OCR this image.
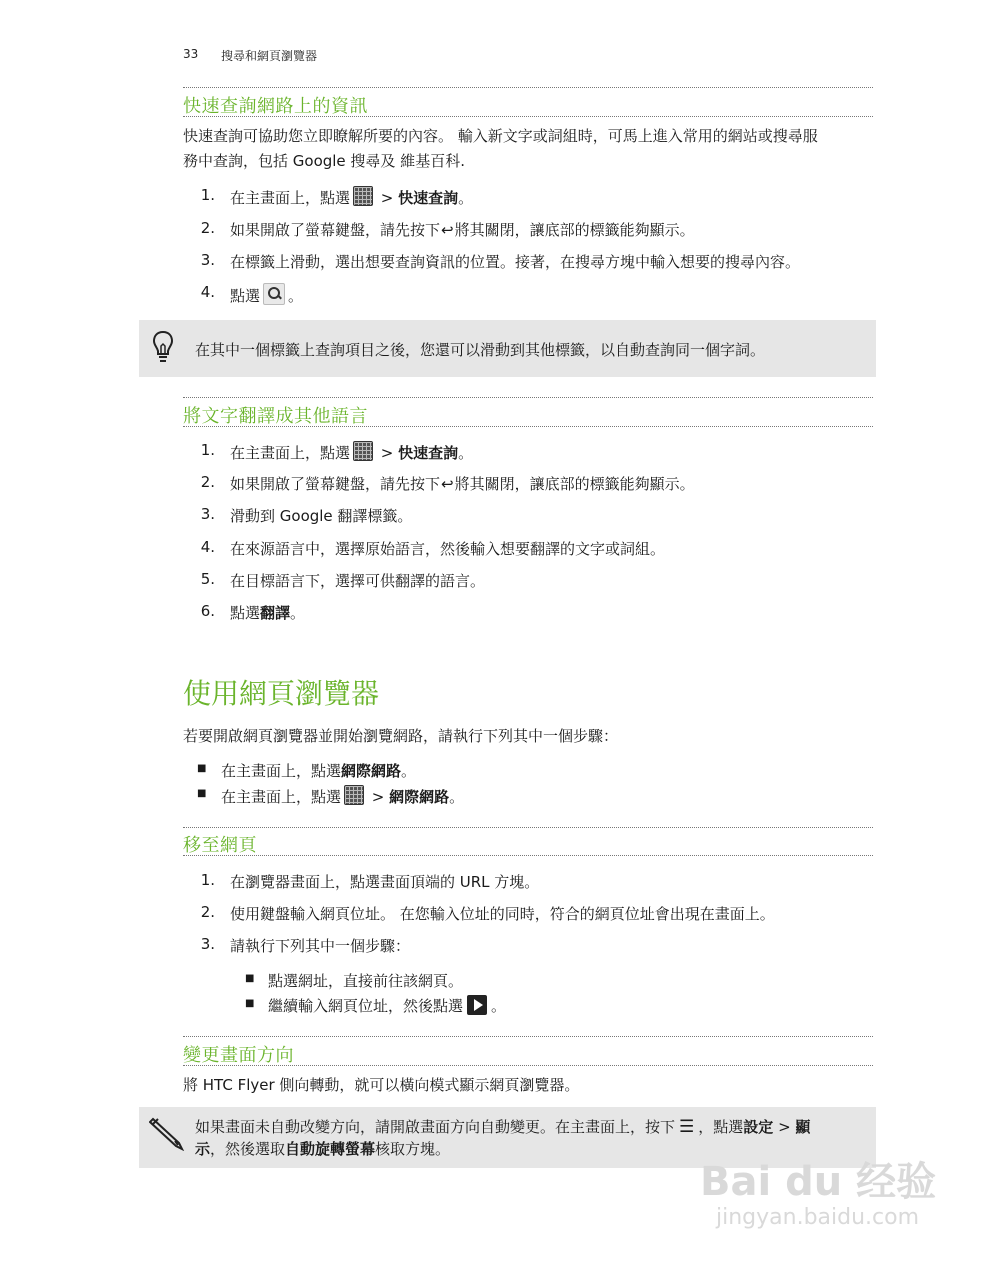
33 搜尋和網頁瀏覽器
快速查詢網路上的資訊
快速查詢可協助您立即瞭解所要的內容。 輸入新文字或詞組時，可馬上進入常用的網站或搜尋服
務中查詢，包括 Google 搜尋及 維基百科.
1. 在主畫面上，點選 > 快速查詢。
2. 如果開啟了螢幕鍵盤，請先按下↩將其關閉，讓底部的標籤能夠顯示。
3. 在標籤上滑動，選出想要查詢資訊的位置。接著，在搜尋方塊中輸入想要的搜尋內容。
4. 點選 。
在其中一個標籤上查詢項目之後，您還可以滑動到其他標籤，以自動查詢同一個字詞。
將文字翻譯成其他語言
1. 在主畫面上，點選 > 快速查詢。
2. 如果開啟了螢幕鍵盤，請先按下↩將其關閉，讓底部的標籤能夠顯示。
3. 滑動到 Google 翻譯標籤。
4. 在來源語言中，選擇原始語言，然後輸入想要翻譯的文字或詞組。
5. 在目標語言下，選擇可供翻譯的語言。
6. 點選翻譯。
使用網頁瀏覽器
若要開啟網頁瀏覽器並開始瀏覽網路，請執行下列其中一個步驟：
■ 在主畫面上，點選網際網路。
■ 在主畫面上，點選 > 網際網路。
移至網頁
1. 在瀏覽器畫面上，點選畫面頂端的 URL 方塊。
2. 使用鍵盤輸入網頁位址。 在您輸入位址的同時，符合的網頁位址會出現在畫面上。
3. 請執行下列其中一個步驟：
■ 點選網址，直接前往該網頁。
■ 繼續輸入網頁位址，然後點選 。
變更畫面方向
將 HTC Flyer 側向轉動，就可以橫向模式顯示網頁瀏覽器。
如果畫面未自動改變方向，請開啟畫面方向自動變更。在主畫面上，按下 ☰ ，點選設定 > 顯
示，然後選取自動旋轉螢幕核取方塊。
Bai du 经验
jingyan.baidu.com
